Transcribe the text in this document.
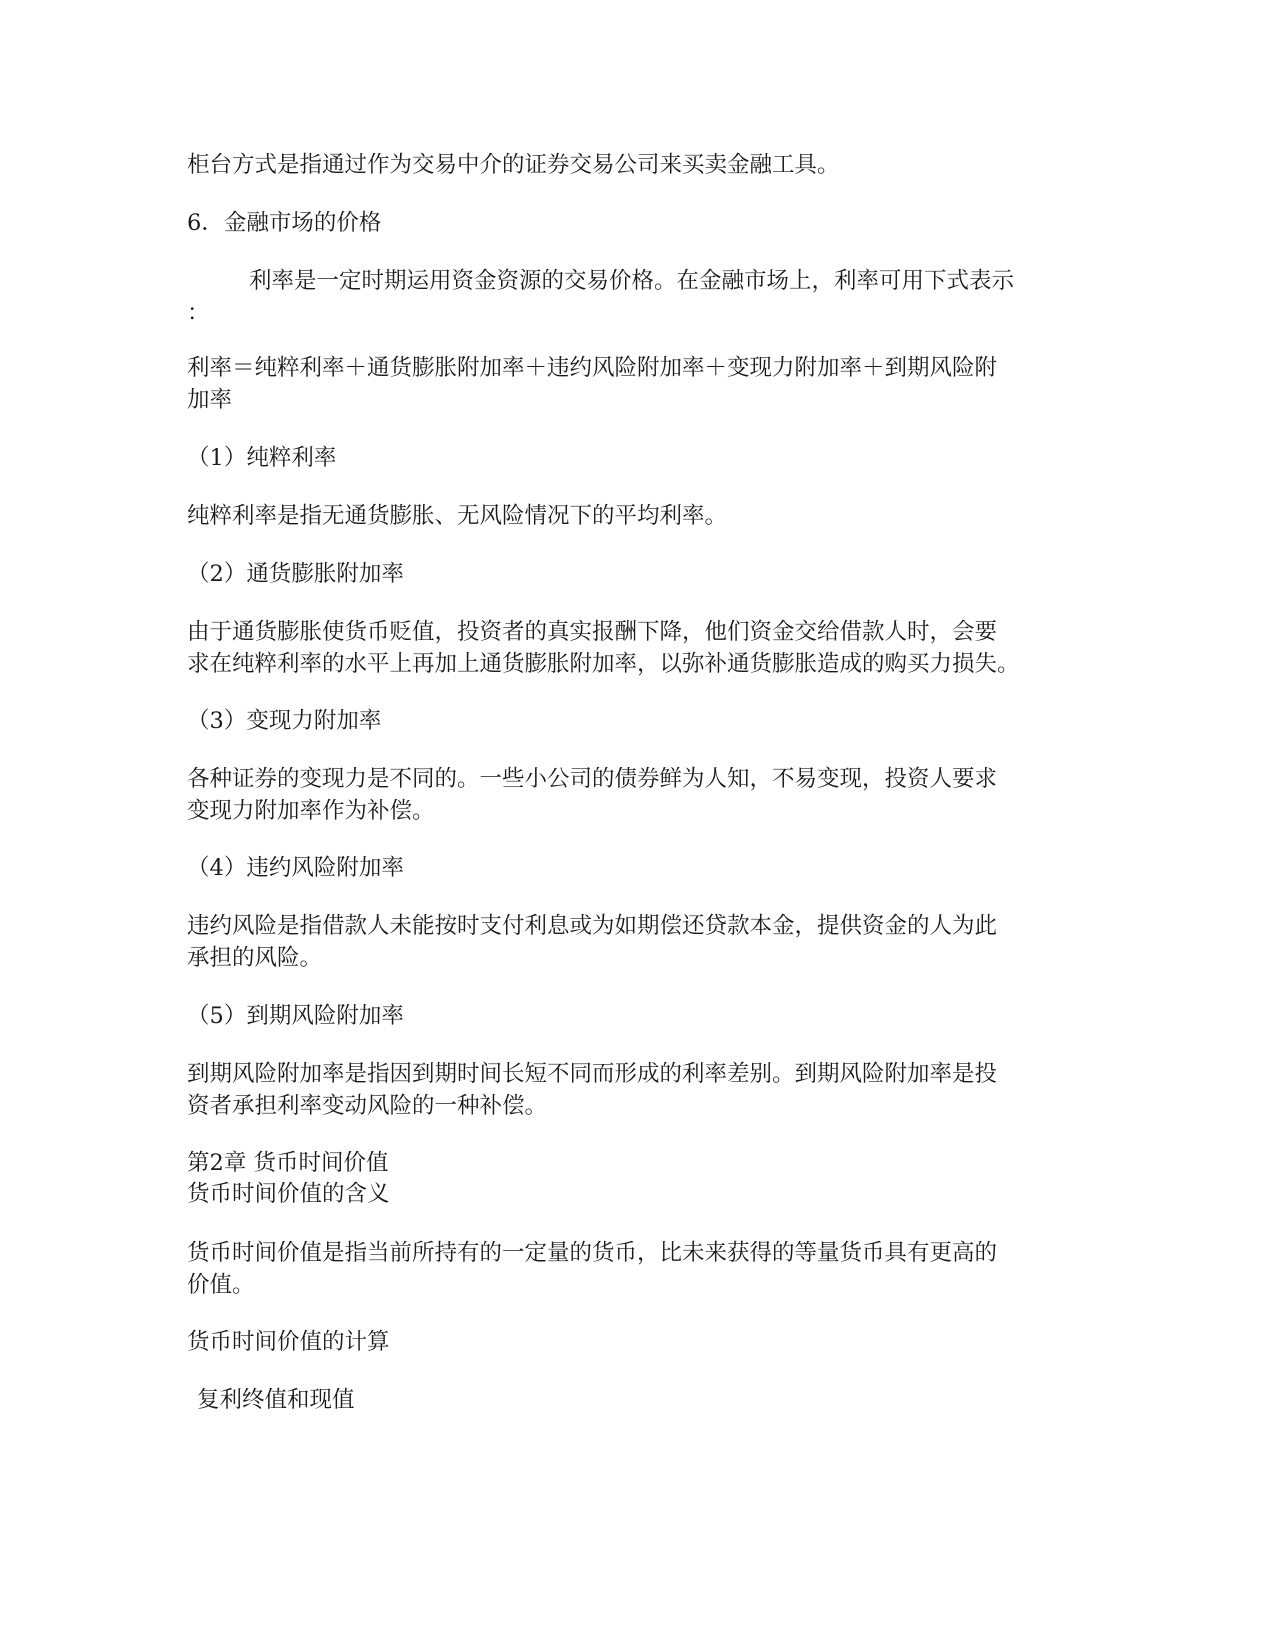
柜台方式是指通过作为交易中介的证券交易公司来买卖金融工具。
6．金融市场的价格
利率是一定时期运用资金资源的交易价格。在金融市场上，利率可用下式表示
：
利率＝纯粹利率＋通货膨胀附加率＋违约风险附加率＋变现力附加率＋到期风险附
加率
（1）纯粹利率
纯粹利率是指无通货膨胀、无风险情况下的平均利率。
（2）通货膨胀附加率
由于通货膨胀使货币贬值，投资者的真实报酬下降，他们资金交给借款人时，会要
求在纯粹利率的水平上再加上通货膨胀附加率，以弥补通货膨胀造成的购买力损失。
（3）变现力附加率
各种证券的变现力是不同的。一些小公司的债券鲜为人知，不易变现，投资人要求
变现力附加率作为补偿。
（4）违约风险附加率
违约风险是指借款人未能按时支付利息或为如期偿还贷款本金，提供资金的人为此
承担的风险。
（5）到期风险附加率
到期风险附加率是指因到期时间长短不同而形成的利率差别。到期风险附加率是投
资者承担利率变动风险的一种补偿。
第2章 货币时间价值
货币时间价值的含义
货币时间价值是指当前所持有的一定量的货币，比未来获得的等量货币具有更高的
价值。
货币时间价值的计算
复利终值和现值
